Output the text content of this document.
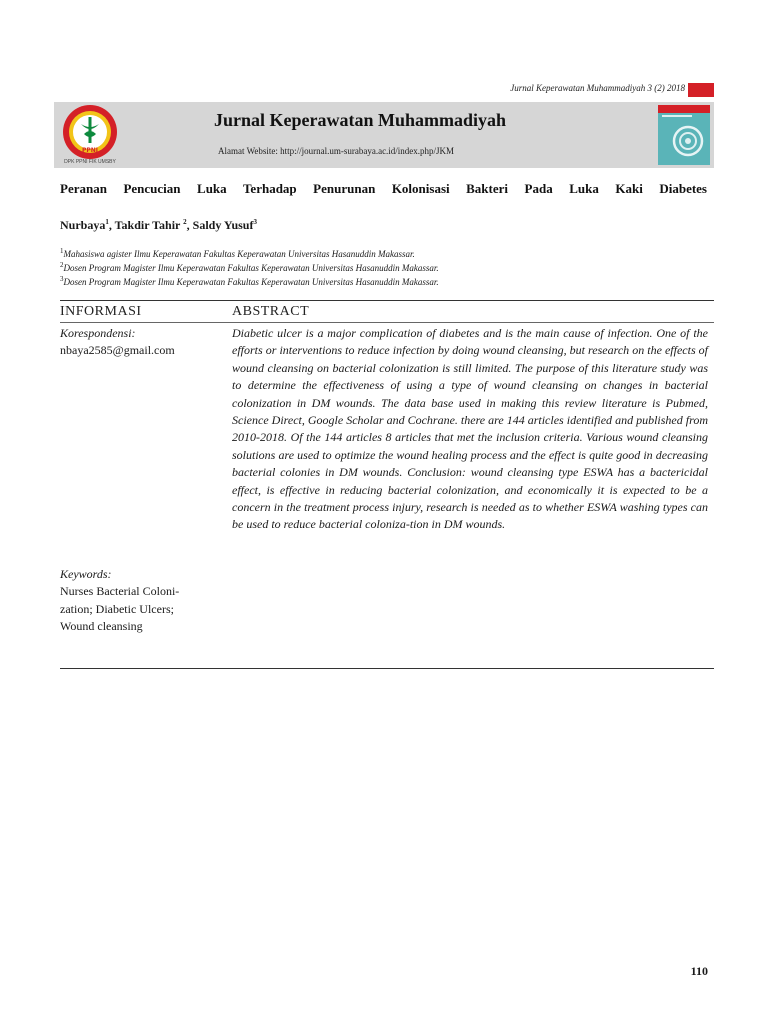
Jurnal Keperawatan Muhammadiyah 3 (2) 2018
PPNI
DPK PPNI FIK UMSBY
Jurnal Keperawatan Muhammadiyah
Alamat Website: http://journal.um-surabaya.ac.id/index.php/JKM
Peranan Pencucian Luka Terhadap Penurunan Kolonisasi Bakteri Pada Luka Kaki Diabetes
Nurbaya$^1$, Takdir Tahir $^2$, Saldy Yusuf$^3$
$^1$Mahasiswa agister Ilmu Keperawatan Fakultas Keperawatan Universitas Hasanuddin Makassar.
$^2$Dosen Program Magister Ilmu Keperawatan Fakultas Keperawatan Universitas Hasanuddin Makassar.
$^3$Dosen Program Magister Ilmu Keperawatan Fakultas Keperawatan Universitas Hasanuddin Makassar.
INFORMASI	ABSTRACT
Korespondensi:
nbaya2585@gmail.com
Keywords:
Nurses Bacterial Coloni-
zation; Diabetic Ulcers;
Wound cleansing

Diabetic ulcer is a major complication of diabetes and is the main cause of infection. One of the efforts or interventions to reduce infection by doing wound cleansing, but research on the effects of wound cleansing on bacterial colonization is still limited. The purpose of this literature study was to determine the effectiveness of using a type of wound cleansing on changes in bacterial colonization in DM wounds. The data base used in making this review literature is Pubmed, Science Direct, Google Scholar and Cochrane. there are 144 articles identified and published from 2010-2018. Of the 144 articles 8 articles that met the inclusion criteria. Various wound cleansing solutions are used to optimize the wound healing process and the effect is quite good in decreasing bacterial colonies in DM wounds. Conclusion: wound cleansing type ESWA has a bactericidal effect, is effective in reducing bacterial colonization, and economically it is expected to be a concern in the treatment process injury, research is needed as to whether ESWA washing types can be used to reduce bacterial coloniza-tion in DM wounds.

110
